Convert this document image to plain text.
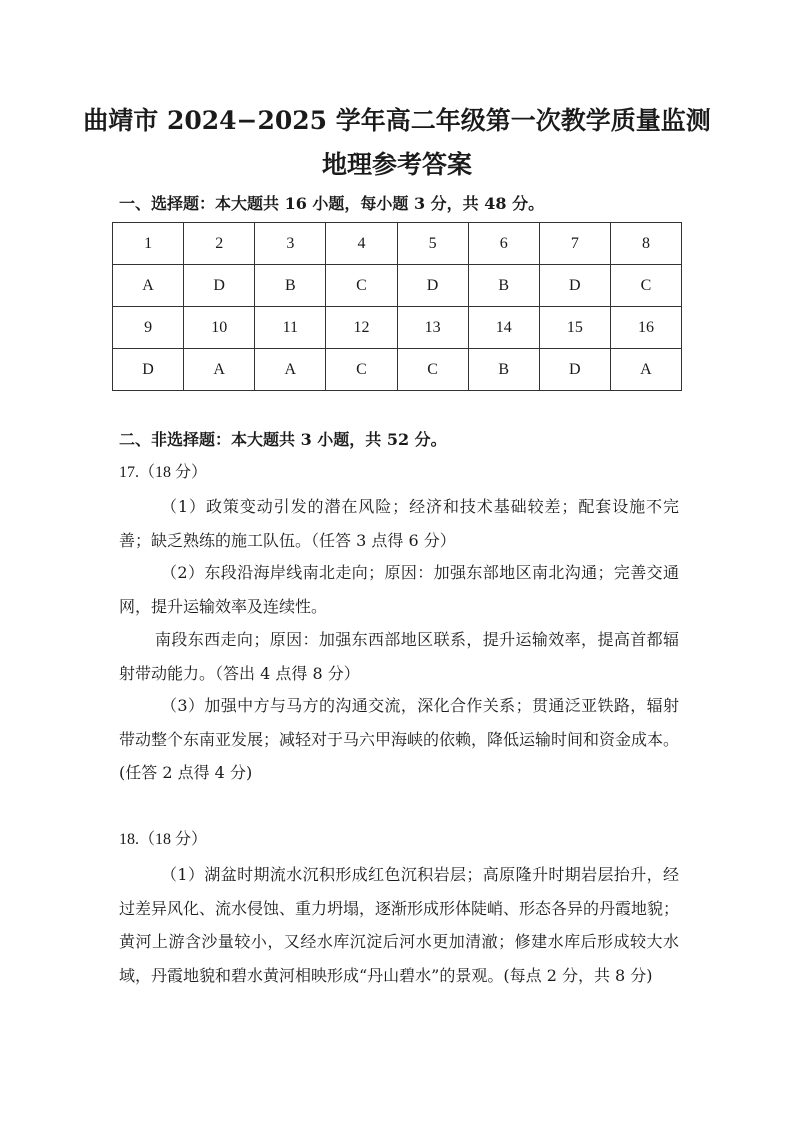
曲靖市 2024−2025 学年高二年级第一次教学质量监测
地理参考答案
一、选择题：本大题共 16 小题，每小题 3 分，共 48 分。
1	2	3	4	5	6	7	8
A	D	B	C	D	B	D	C
9	10	11	12	13	14	15	16
D	A	A	C	C	B	D	A
二、非选择题：本大题共 3 小题，共 52 分。
17.（18 分）
（1）政策变动引发的潜在风险；经济和技术基础较差；配套设施不完善；缺乏熟练的施工队伍。（任答 3 点得 6 分）
（2）东段沿海岸线南北走向；原因：加强东部地区南北沟通；完善交通网，提升运输效率及连续性。
南段东西走向；原因：加强东西部地区联系，提升运输效率，提高首都辐射带动能力。（答出 4 点得 8 分）
（3）加强中方与马方的沟通交流，深化合作关系；贯通泛亚铁路，辐射带动整个东南亚发展；减轻对于马六甲海峡的依赖，降低运输时间和资金成本。(任答 2 点得 4 分)
18.（18 分）
（1）湖盆时期流水沉积形成红色沉积岩层；高原隆升时期岩层抬升，经过差异风化、流水侵蚀、重力坍塌，逐渐形成形体陡峭、形态各异的丹霞地貌；黄河上游含沙量较小，又经水库沉淀后河水更加清澈；修建水库后形成较大水域，丹霞地貌和碧水黄河相映形成“丹山碧水”的景观。(每点 2 分，共 8 分)
